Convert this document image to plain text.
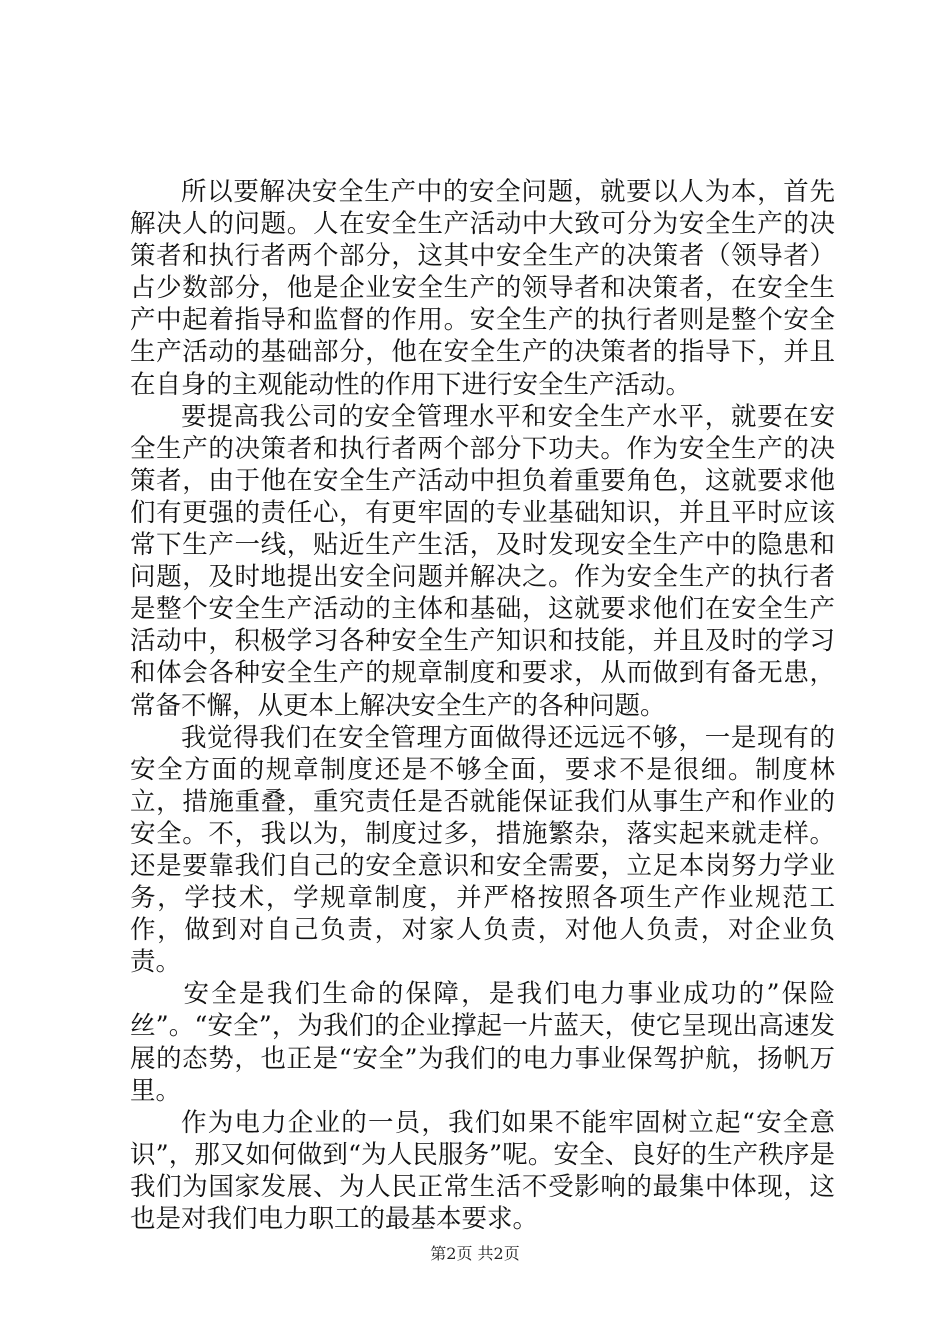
所以要解决安全生产中的安全问题，就要以人为本，首先解决人的问题。人在安全生产活动中大致可分为安全生产的决策者和执行者两个部分，这其中安全生产的决策者（领导者）占少数部分，他是企业安全生产的领导者和决策者，在安全生产中起着指导和监督的作用。安全生产的执行者则是整个安全生产活动的基础部分，他在安全生产的决策者的指导下，并且在自身的主观能动性的作用下进行安全生产活动。

要提高我公司的安全管理水平和安全生产水平，就要在安全生产的决策者和执行者两个部分下功夫。作为安全生产的决策者，由于他在安全生产活动中担负着重要角色，这就要求他们有更强的责任心，有更牢固的专业基础知识，并且平时应该常下生产一线，贴近生产生活，及时发现安全生产中的隐患和问题，及时地提出安全问题并解决之。作为安全生产的执行者是整个安全生产活动的主体和基础，这就要求他们在安全生产活动中，积极学习各种安全生产知识和技能，并且及时的学习和体会各种安全生产的规章制度和要求，从而做到有备无患，常备不懈，从更本上解决安全生产的各种问题。

我觉得我们在安全管理方面做得还远远不够，一是现有的安全方面的规章制度还是不够全面，要求不是很细。制度林立，措施重叠，重究责任是否就能保证我们从事生产和作业的安全。不，我以为，制度过多，措施繁杂，落实起来就走样。还是要靠我们自己的安全意识和安全需要，立足本岗努力学业务，学技术，学规章制度，并严格按照各项生产作业规范工作，做到对自己负责，对家人负责，对他人负责，对企业负责。

安全是我们生命的保障，是我们电力事业成功的”保险丝”。“安全”，为我们的企业撑起一片蓝天，使它呈现出高速发展的态势，也正是“安全”为我们的电力事业保驾护航，扬帆万里。

作为电力企业的一员，我们如果不能牢固树立起“安全意识”，那又如何做到“为人民服务”呢。安全、良好的生产秩序是我们为国家发展、为人民正常生活不受影响的最集中体现，这也是对我们电力职工的最基本要求。

第2页 共2页
